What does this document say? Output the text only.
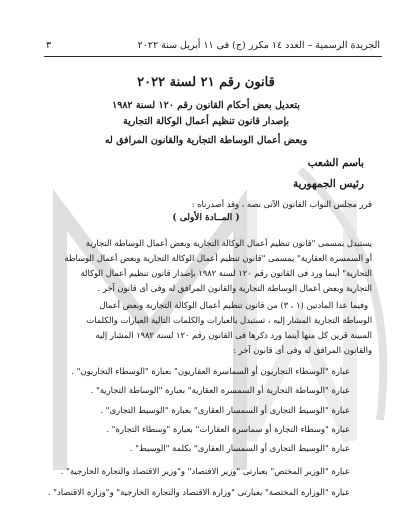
الجريدة الرسمية – العدد ١٤ مكرر (ج) فى ١١ أبريل سنة ٢٠٢٢
٣
قانون رقم ٢١ لسنة ٢٠٢٢
بتعديل بعض أحكام القانون رقم ١٢٠ لسنة ١٩٨٢
بإصدار قانون تنظيم أعمال الوكالة التجارية
وبعض أعمال الوساطة التجارية والقانون المرافق له
باسم الشعب
رئيس الجمهورية
قرر مجلس النواب القانون الآتى نصه ، وقد أصدرناه :
( المــادة الأولى )
يستبدل بمسمى "قانون تنظيم أعمال الوكالة التجارية وبعض أعمال الوساطة التجارية
أو السمسرة العقارية" بمسمى "قانون تنظيم أعمال الوكالة التجارية وبعض أعمال الوساطة
التجارية" أينما ورد فى القانون رقم ١٢٠ لسنة ١٩٨٢ بإصدار قانون تنظيم أعمال الوكالة
التجارية وبعض أعمال الوساطة التجارية والقانون المرافق له وفى أى قانون آخر .
وفيما عدا المادتين (١ ، ٣) من قانون تنظيم أعمال الوكالة التجارية وبعض أعمال
الوساطة التجارية المشار إليه ، تستبدل بالعبارات والكلمات التالية العبارات والكلمات
المبينة قرين كل منها أينما ورد ذكرها فى القانون رقم ١٢٠ لسنة ١٩٨٢ المشار إليه
والقانون المرافق له وفى أى قانون آخر :
عبارة "الوسطاء التجاريون أو السماسرة العقاريون" بعبارة "الوسطاء التجاريون" .
عبارة "الوساطة التجارية أو السمسرة العقارية" بعبارة "الوساطة التجارية" .
عبارة "الوسيط التجارى أو السمسار العقارى" بعبارة "الوسيط التجارى" .
عبارة "وسطاء التجارة أو سماسرة العقارات" بعبارة "وسطاء التجارة" .
عبارة "الوسيط التجارى أو السمسار العقارى" بكلمة "الوسيط" .
عبارة "الوزير المختص" بعبارتى "وزير الاقتصاد" و"وزير الاقتصاد والتجارة الخارجية" .
عبارة "الوزارة المختصة" بعبارتى "وزارة الاقتصاد والتجارة الخارجية" و"وزارة الاقتصاد" .
